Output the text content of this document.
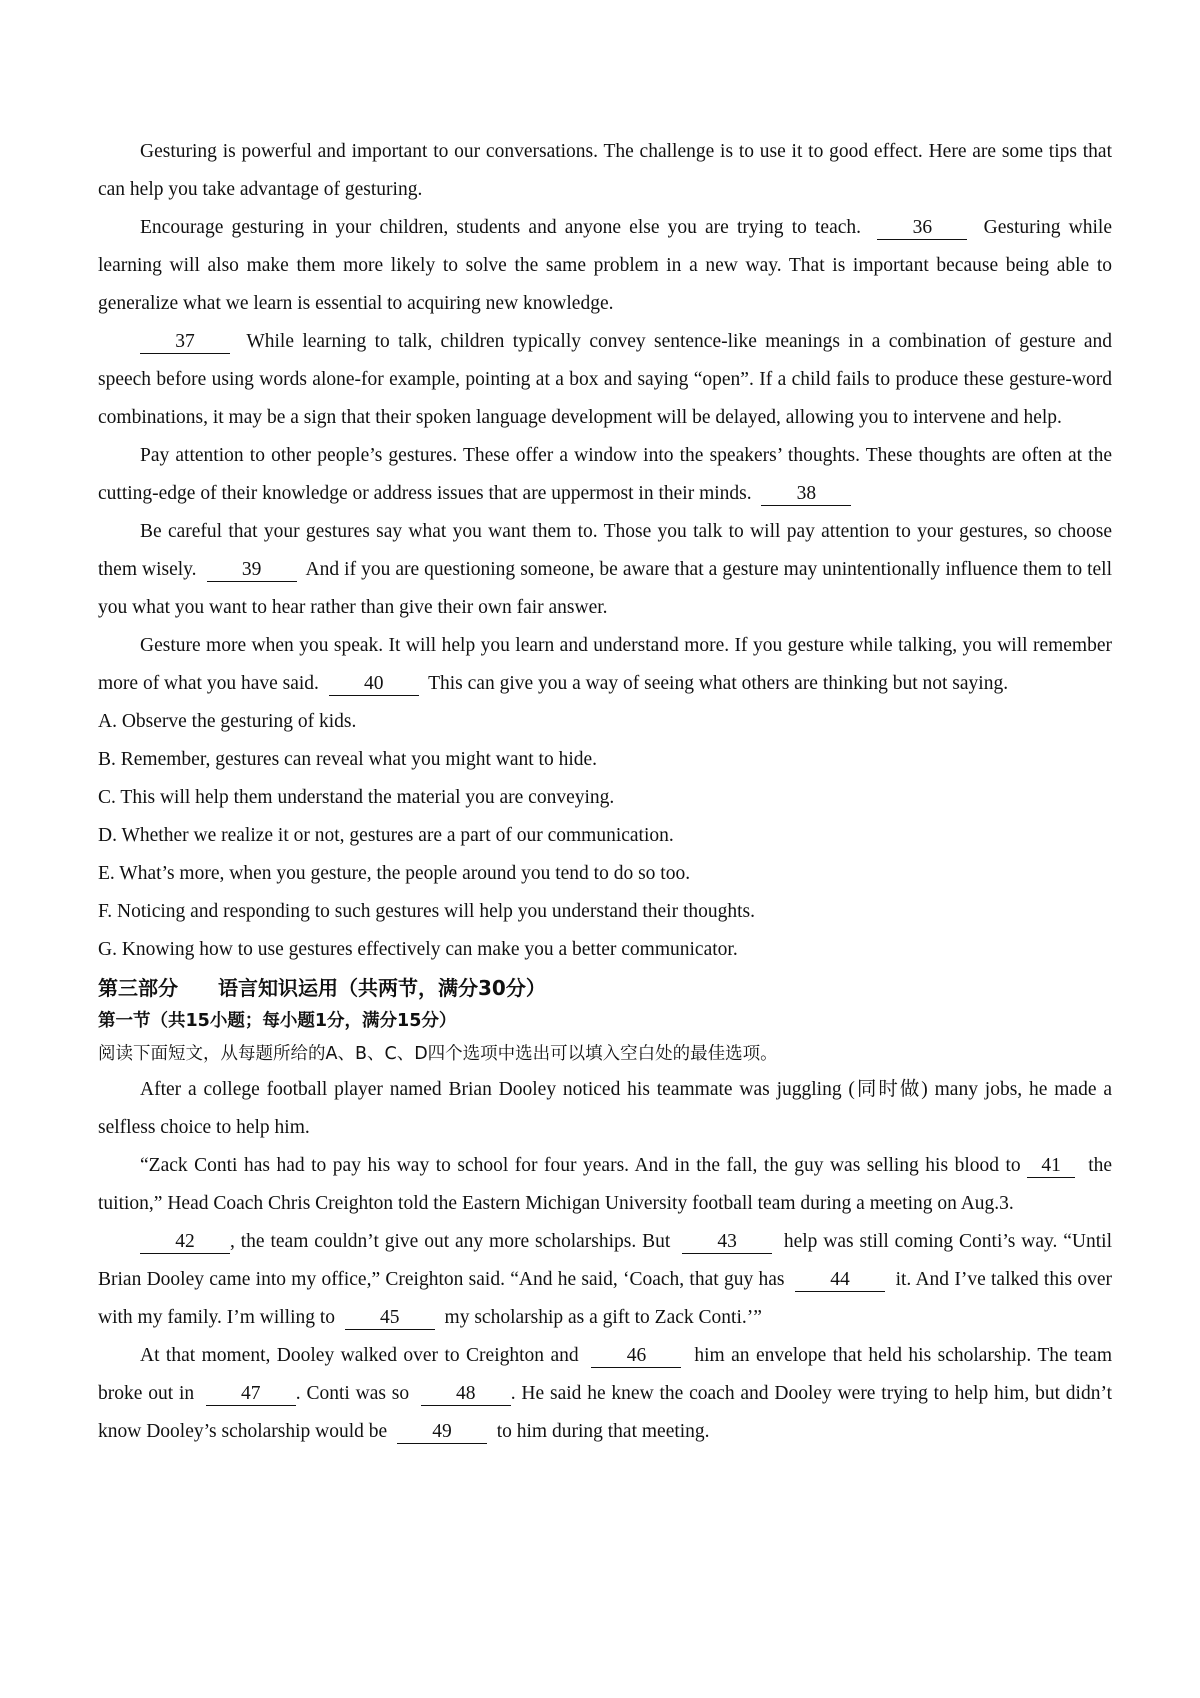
Gesturing is powerful and important to our conversations. The challenge is to use it to good effect. Here are some tips that can help you take advantage of gesturing.

Encourage gesturing in your children, students and anyone else you are trying to teach.	36	Gesturing while learning will also make them more likely to solve the same problem in a new way. That is important because being able to generalize what we learn is essential to acquiring new knowledge.

37	While learning to talk, children typically convey sentence-like meanings in a combination of gesture and speech before using words alone-for example, pointing at a box and saying “open”. If a child fails to produce these gesture-word combinations, it may be a sign that their spoken language development will be delayed, allowing you to intervene and help.

Pay attention to other people’s gestures. These offer a window into the speakers’ thoughts. These thoughts are often at the cutting-edge of their knowledge or address issues that are uppermost in their minds. 38

Be careful that your gestures say what you want them to. Those you talk to will pay attention to your gestures, so choose them wisely. 39 And if you are questioning someone, be aware that a gesture may unintentionally influence them to tell you what you want to hear rather than give their own fair answer.

Gesture more when you speak. It will help you learn and understand more. If you gesture while talking, you will remember more of what you have said. 40 This can give you a way of seeing what others are thinking but not saying.

A. Observe the gesturing of kids.

B. Remember, gestures can reveal what you might want to hide.

C. This will help them understand the material you are conveying.

D. Whether we realize it or not, gestures are a part of our communication.

E. What’s more, when you gesture, the people around you tend to do so too.

F. Noticing and responding to such gestures will help you understand their thoughts.

G. Knowing how to use gestures effectively can make you a better communicator.

第三部分 语言知识运用（共两节，满分30分）

第一节（共15小题；每小题1分，满分15分）

阅读下面短文，从每题所给的A、B、C、D四个选项中选出可以填入空白处的最佳选项。

After a college football player named Brian Dooley noticed his teammate was juggling (同时做) many jobs, he made a selfless choice to help him.

“Zack Conti has had to pay his way to school for four years. And in the fall, the guy was selling his blood to 41 the tuition,” Head Coach Chris Creighton told the Eastern Michigan University football team during a meeting on Aug.3.

42 , the team couldn’t give out any more scholarships. But 43 help was still coming Conti’s way. “Until Brian Dooley came into my office,” Creighton said. “And he said, ‘Coach, that guy has 44 it. And I’ve talked this over with my family. I’m willing to 45 my scholarship as a gift to Zack Conti.’”

At that moment, Dooley walked over to Creighton and 46 him an envelope that held his scholarship. The team broke out in 47 . Conti was so 48 . He said he knew the coach and Dooley were trying to help him, but didn’t know Dooley’s scholarship would be 49 to him during that meeting.
